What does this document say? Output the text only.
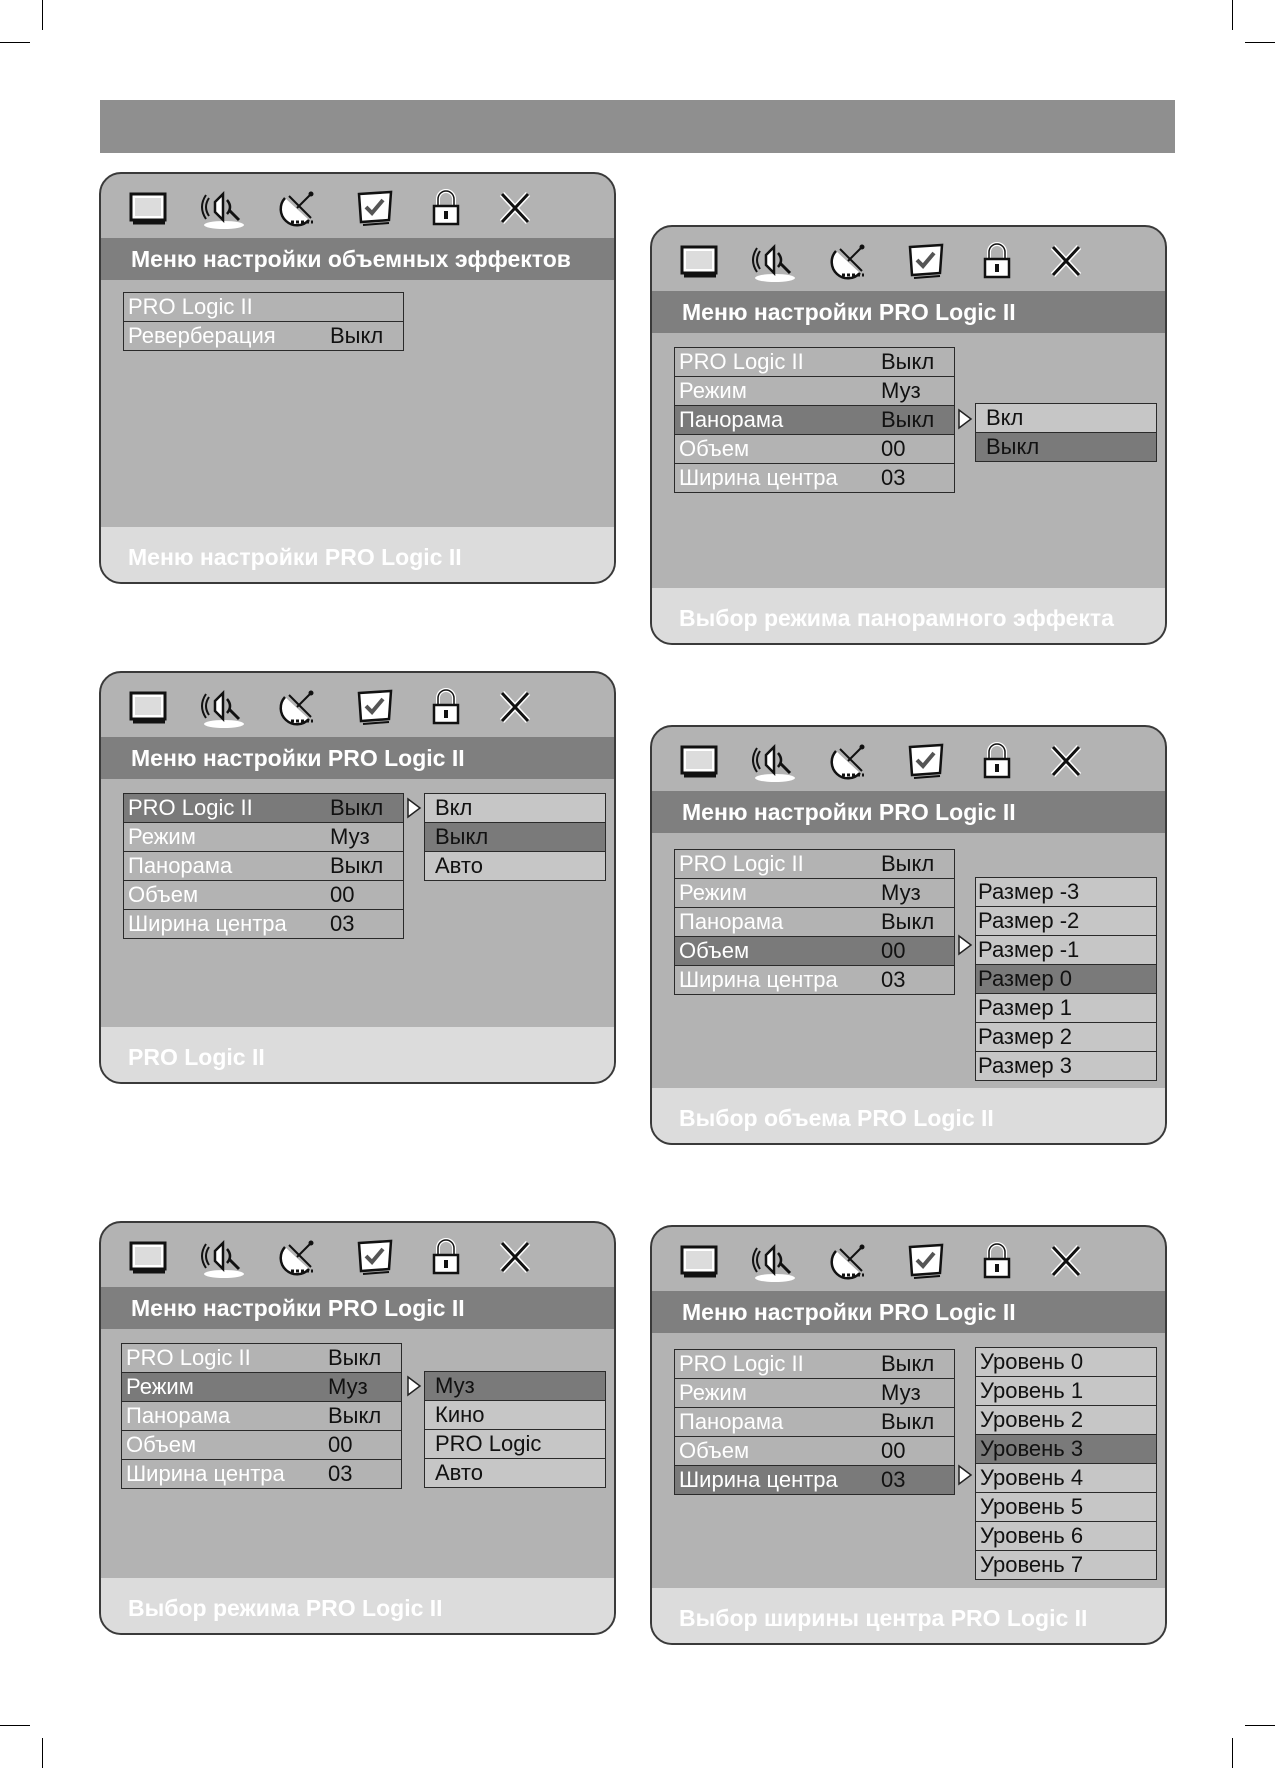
Меню настройки объемных эффектов
PRO Logic II
Реверберация Выкл
Меню настройки PRO Logic II
Меню настройки PRO Logic II
PRO Logic II	Выкл
Режим	Муз
Панорама	Выкл
Объем	00
Ширина центра 03
Вкл
Выкл
Выбор режима панорамного эффекта
Меню настройки PRO Logic II
PRO Logic II	Выкл
Режим	Муз
Панорама	Выкл
Объем	00
Ширина центра 03
Вкл
Выкл
Авто
PRO Logic II
Меню настройки PRO Logic II
PRO Logic II	Выкл
Режим	Муз
Панорама	Выкл
Объем	00
Ширина центра 03
Размер -3
Размер -2
Размер -1
Размер 0
Размер 1
Размер 2
Размер 3
Выбор объема PRO Logic II
Меню настройки PRO Logic II
PRO Logic II	Выкл
Режим	Муз
Панорама	Выкл
Объем	00
Ширина центра 03
Муз
Кино
PRO Logic
Авто
Выбор режима PRO Logic II
Меню настройки PRO Logic II
PRO Logic II	Выкл
Режим	Муз
Панорама	Выкл
Объем	00
Ширина центра 03
Уровень 0
Уровень 1
Уровень 2
Уровень 3
Уровень 4
Уровень 5
Уровень 6
Уровень 7
Выбор ширины центра PRO Logic II
